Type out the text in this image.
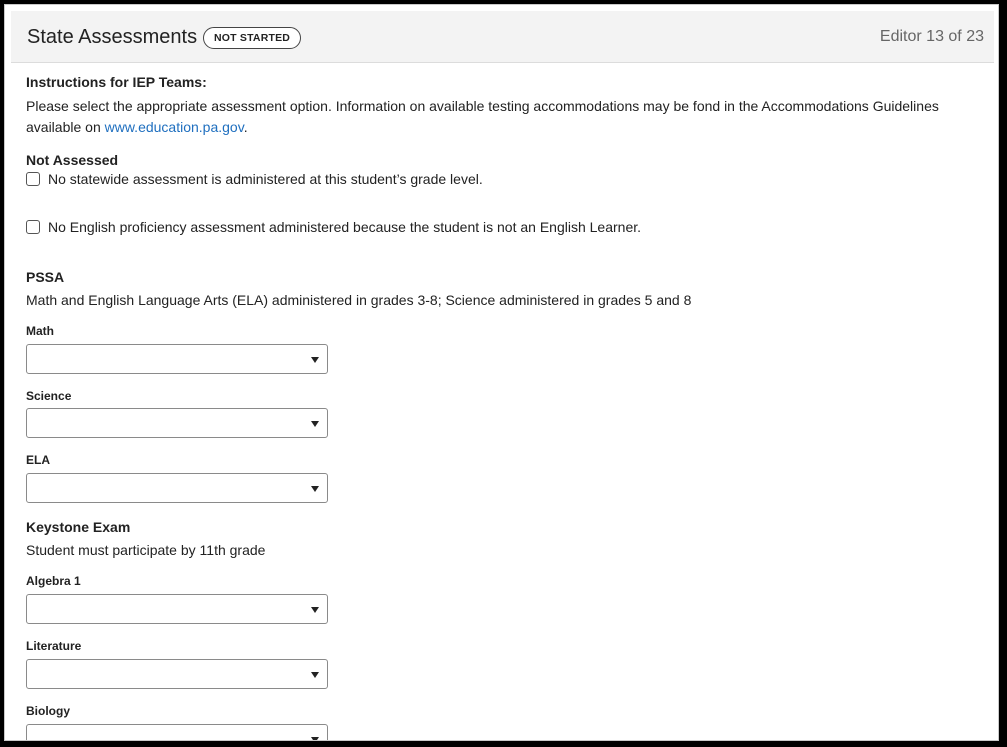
State Assessments	NOT STARTED	Editor 13 of 23
Instructions for IEP Teams:
Please select the appropriate assessment option. Information on available testing accommodations may be fond in the Accommodations Guidelines available on www.education.pa.gov.
Not Assessed
No statewide assessment is administered at this student’s grade level.
No English proficiency assessment administered because the student is not an English Learner.
PSSA
Math and English Language Arts (ELA) administered in grades 3-8; Science administered in grades 5 and 8
Math
Science
ELA
Keystone Exam
Student must participate by 11th grade
Algebra 1
Literature
Biology
